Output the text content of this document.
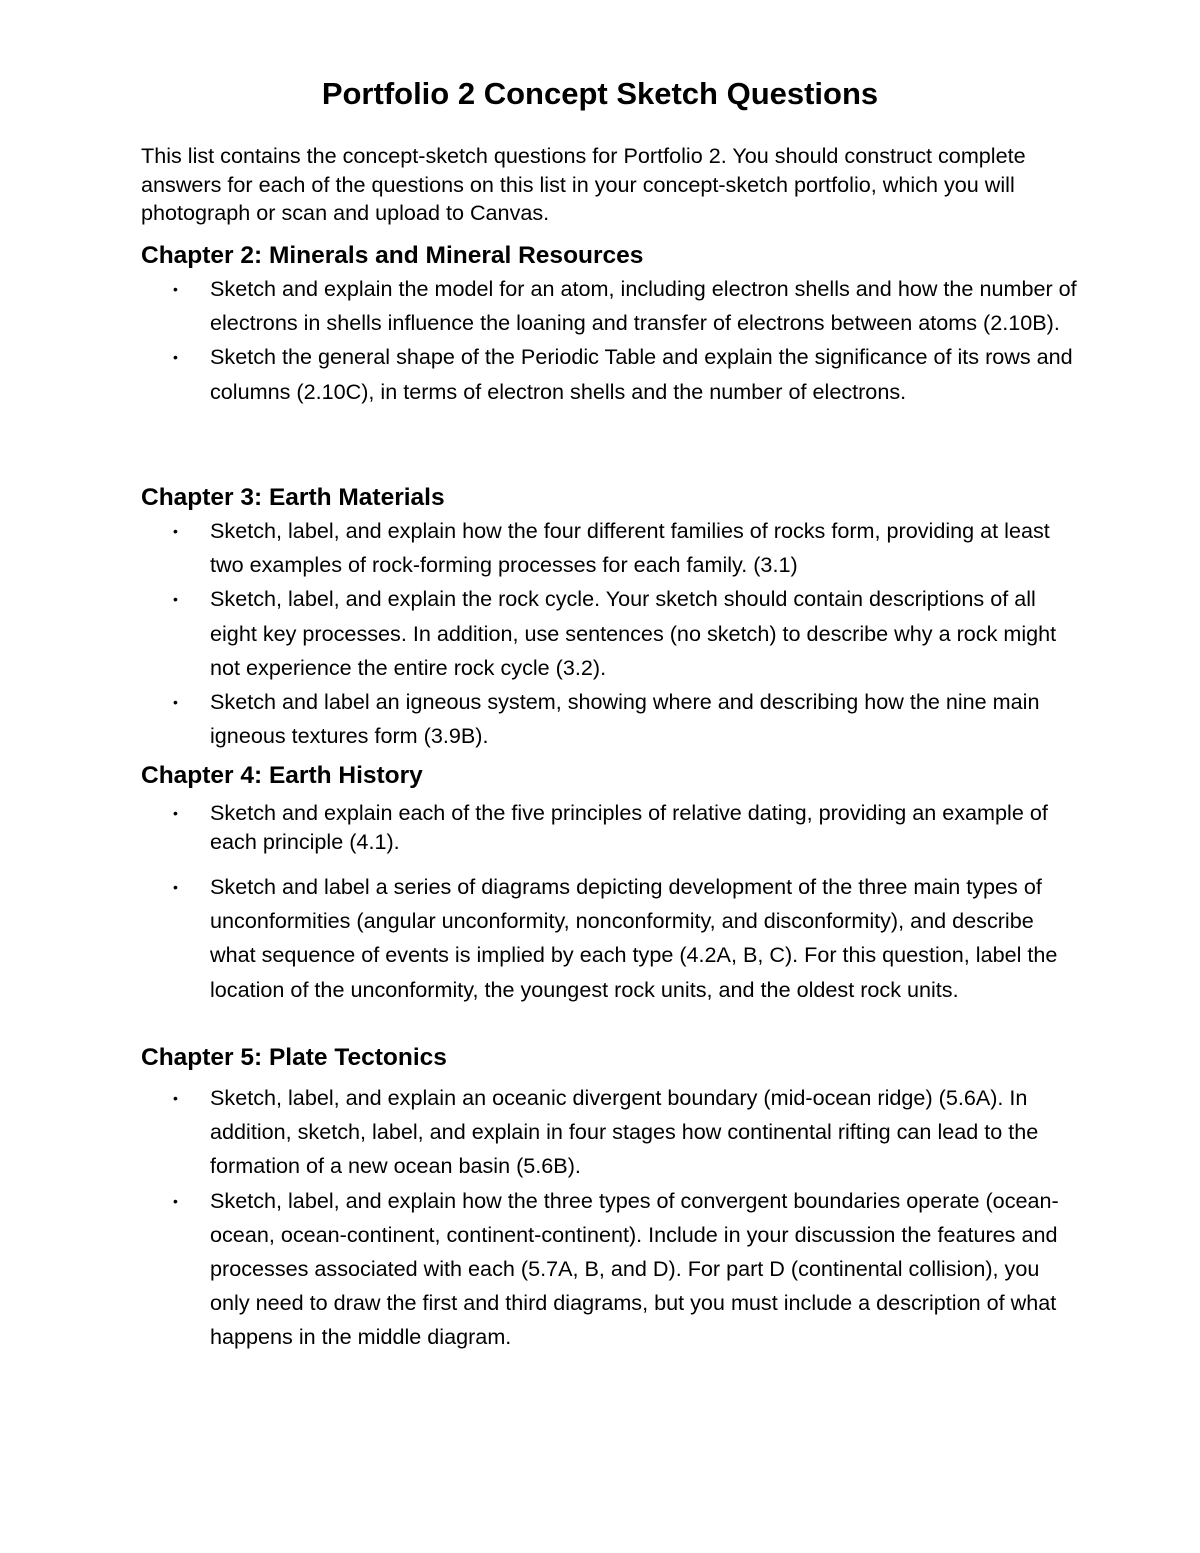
Portfolio 2 Concept Sketch Questions

This list contains the concept-sketch questions for Portfolio 2. You should construct complete answers for each of the questions on this list in your concept-sketch portfolio, which you will photograph or scan and upload to Canvas.

Chapter 2: Minerals and Mineral Resources
• Sketch and explain the model for an atom, including electron shells and how the number of electrons in shells influence the loaning and transfer of electrons between atoms (2.10B).
• Sketch the general shape of the Periodic Table and explain the significance of its rows and columns (2.10C), in terms of electron shells and the number of electrons.
Chapter 3: Earth Materials
• Sketch, label, and explain how the four different families of rocks form, providing at least two examples of rock-forming processes for each family. (3.1)
• Sketch, label, and explain the rock cycle. Your sketch should contain descriptions of all eight key processes. In addition, use sentences (no sketch) to describe why a rock might not experience the entire rock cycle (3.2).
• Sketch and label an igneous system, showing where and describing how the nine main igneous textures form (3.9B).
Chapter 4: Earth History
• Sketch and explain each of the five principles of relative dating, providing an example of each principle (4.1).
• Sketch and label a series of diagrams depicting development of the three main types of unconformities (angular unconformity, nonconformity, and disconformity), and describe what sequence of events is implied by each type (4.2A, B, C). For this question, label the location of the unconformity, the youngest rock units, and the oldest rock units.
Chapter 5: Plate Tectonics
• Sketch, label, and explain an oceanic divergent boundary (mid-ocean ridge) (5.6A). In addition, sketch, label, and explain in four stages how continental rifting can lead to the formation of a new ocean basin (5.6B).
• Sketch, label, and explain how the three types of convergent boundaries operate (ocean-ocean, ocean-continent, continent-continent). Include in your discussion the features and processes associated with each (5.7A, B, and D). For part D (continental collision), you only need to draw the first and third diagrams, but you must include a description of what happens in the middle diagram.
